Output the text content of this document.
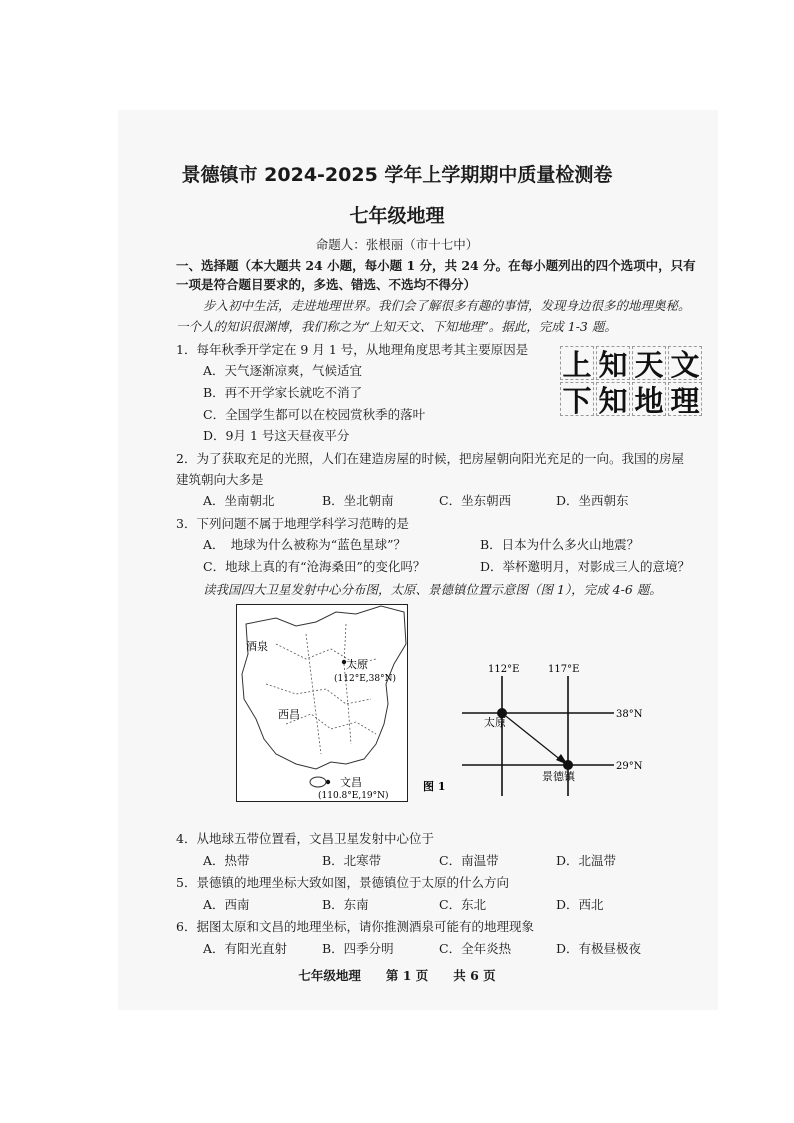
景德镇市 2024-2025 学年上学期期中质量检测卷
七年级地理
命题人：张根丽（市十七中）
一、选择题（本大题共 24 小题，每小题 1 分，共 24 分。在每小题列出的四个选项中，只有
一项是符合题目要求的，多选、错选、不选均不得分）
步入初中生活，走进地理世界。我们会了解很多有趣的事情，发现身边很多的地理奥秘。
一个人的知识很渊博，我们称之为“上知天文、下知地理”。据此，完成 1-3 题。
1．每年秋季开学定在 9 月 1 号，从地理角度思考其主要原因是
A．天气逐渐凉爽，气候适宜
B．再不开学家长就吃不消了
C．全国学生都可以在校园赏秋季的落叶
D．9月 1 号这天昼夜平分
上 知 天 文
下 知 地 理
2．为了获取充足的光照，人们在建造房屋的时候，把房屋朝向阳光充足的一向。我国的房屋
建筑朝向大多是
A．坐南朝北	B．坐北朝南	C．坐东朝西	D．坐西朝东
3．下列问题不属于地理学科学习范畴的是
A．　地球为什么被称为“蓝色星球”？	B．日本为什么多火山地震？
C．地球上真的有“沧海桑田”的变化吗？	D．举杯邀明月，对影成三人的意境？
读我国四大卫星发射中心分布图，太原、景德镇位置示意图（图 1），完成 4-6 题。
酒泉
太原
(112°E,38°N)
西昌
文昌
(110.8°E,19°N)
112°E	117°E
38°N
29°N
太原
景德镇
图 1
4．从地球五带位置看，文昌卫星发射中心位于
A．热带	B．北寒带	C．南温带	D．北温带
5．景德镇的地理坐标大致如图，景德镇位于太原的什么方向
A．西南	B．东南	C．东北	D．西北
6．据图太原和文昌的地理坐标，请你推测酒泉可能有的地理现象
A．有阳光直射	B．四季分明	C．全年炎热	D．有极昼极夜
七年级地理　　第 1 页　　共 6 页
